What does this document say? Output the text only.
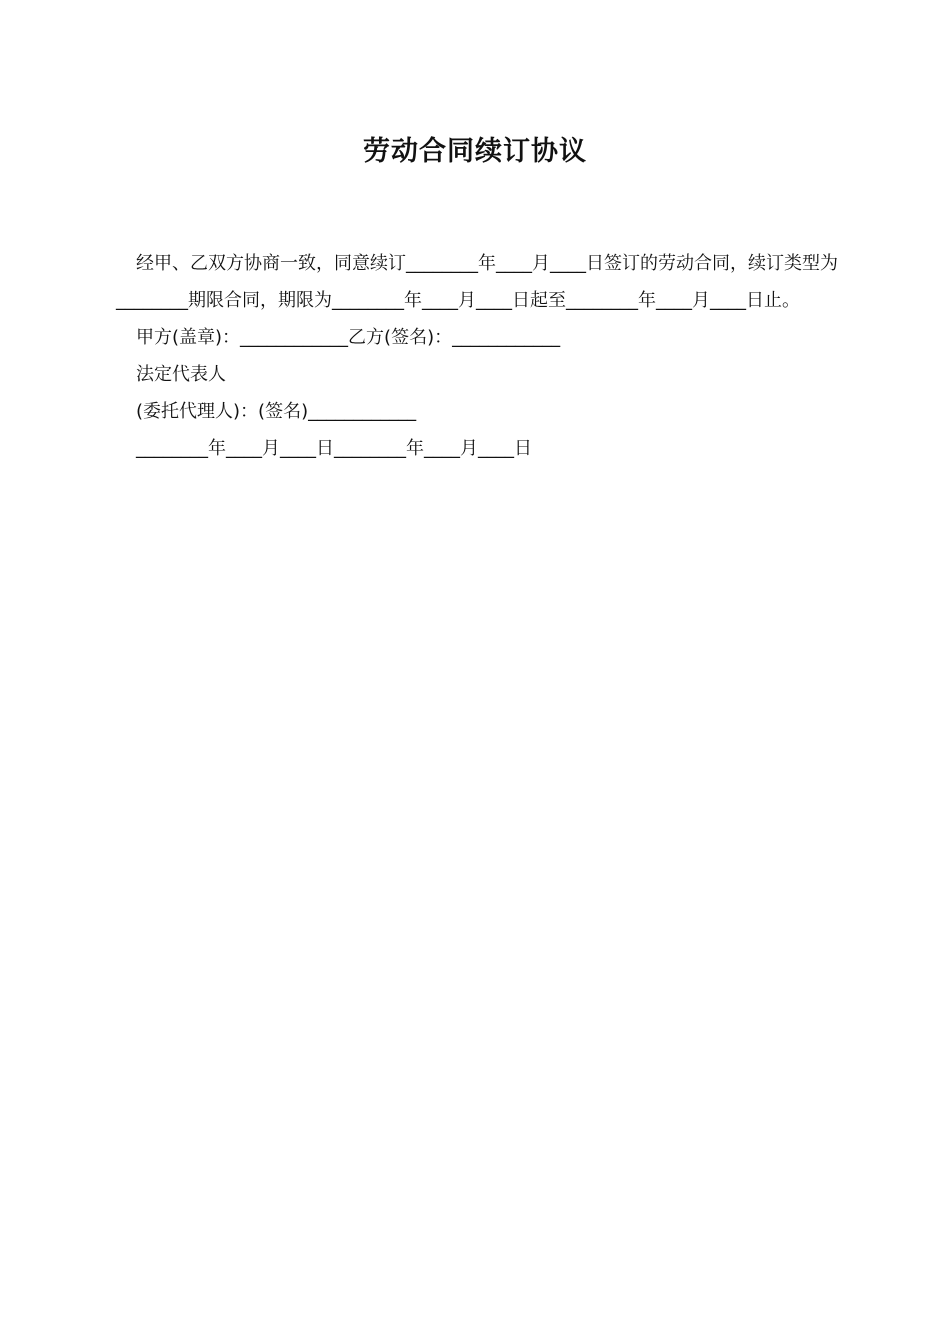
劳动合同续订协议

经甲、乙双方协商一致，同意续订________年____月____日签订的劳动合同，续订类型为________期限合同，期限为________年____月____日起至________年____月____日止。

甲方(盖章)：____________乙方(签名)：____________

法定代表人

(委托代理人)：(签名)____________

________年____月____日________年____月____日
